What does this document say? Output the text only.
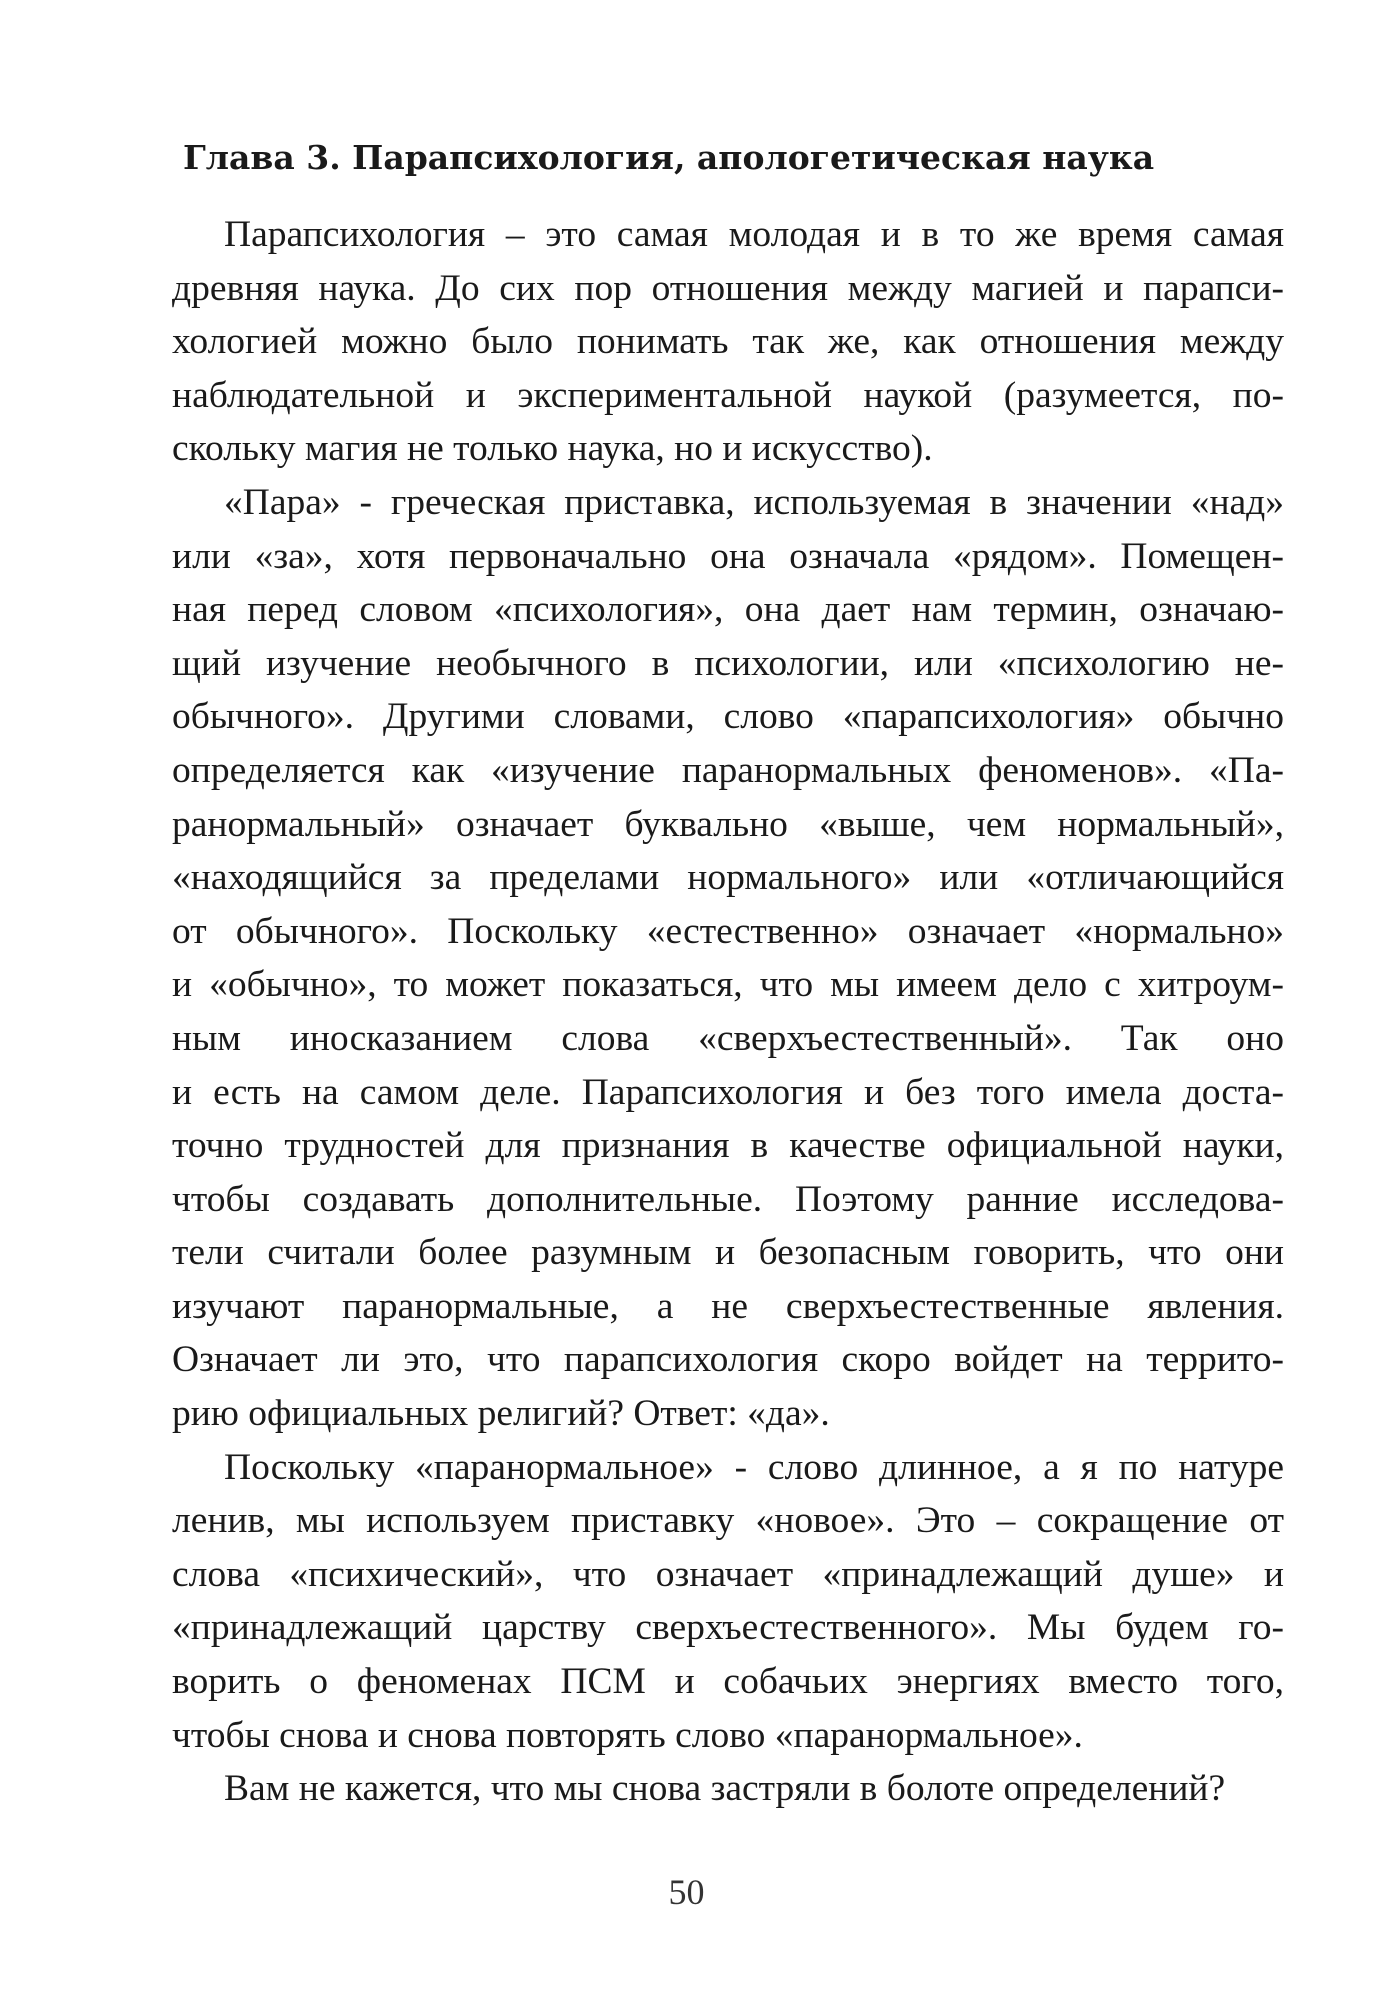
Глава 3. Парапсихология, апологетическая наука

Парапсихология – это самая молодая и в то же время самая
древняя наука. До сих пор отношения между магией и парапси-
хологией можно было понимать так же, как отношения между
наблюдательной и экспериментальной наукой (разумеется, по-
скольку магия не только наука, но и искусство).

«Пара» - греческая приставка, используемая в значении «над»
или «за», хотя первоначально она означала «рядом». Помещен-
ная перед словом «психология», она дает нам термин, означаю-
щий изучение необычного в психологии, или «психологию не-
обычного». Другими словами, слово «парапсихология» обычно
определяется как «изучение паранормальных феноменов». «Па-
ранормальный» означает буквально «выше, чем нормальный»,
«находящийся за пределами нормального» или «отличающийся
от обычного». Поскольку «естественно» означает «нормально»
и «обычно», то может показаться, что мы имеем дело с хитроум-
ным иносказанием слова «сверхъестественный». Так оно
и есть на самом деле. Парапсихология и без того имела доста-
точно трудностей для признания в качестве официальной науки,
чтобы создавать дополнительные. Поэтому ранние исследова-
тели считали более разумным и безопасным говорить, что они
изучают паранормальные, а не сверхъестественные явления.
Означает ли это, что парапсихология скоро войдет на террито-
рию официальных религий? Ответ: «да».

Поскольку «паранормальное» - слово длинное, а я по натуре
ленив, мы используем приставку «новое». Это – сокращение от
слова «психический», что означает «принадлежащий душе» и
«принадлежащий царству сверхъестественного». Мы будем го-
ворить о феноменах ПСМ и собачьих энергиях вместо того,
чтобы снова и снова повторять слово «паранормальное».

Вам не кажется, что мы снова застряли в болоте определений?

50
